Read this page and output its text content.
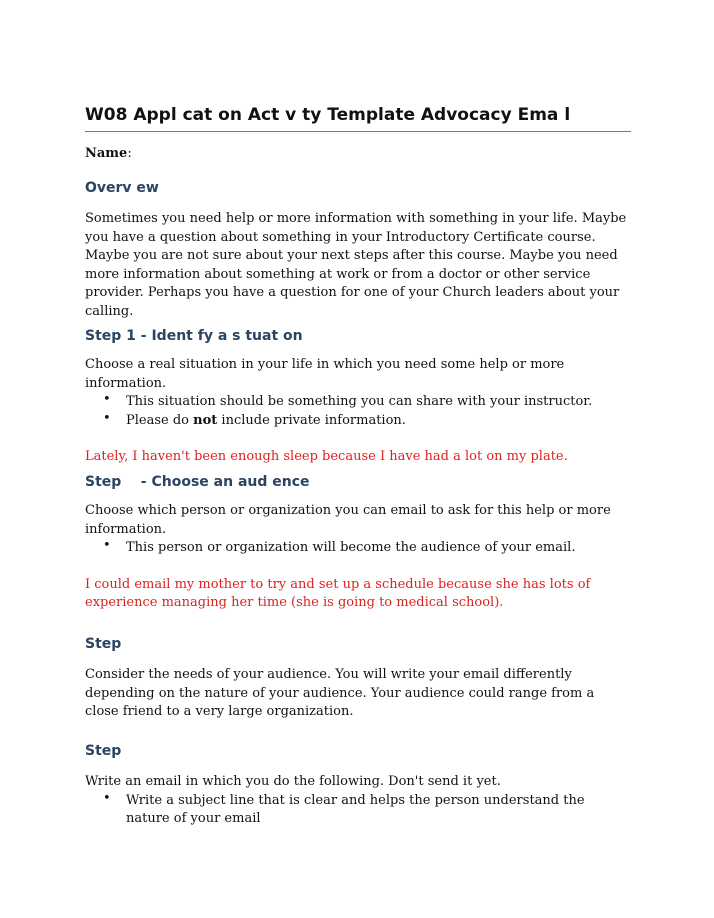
W08 Appl cat on Act v ty Template Advocacy Ema l

Name:

Overv ew

Sometimes you need help or more information with something in your life. Maybe you have a question about something in your Introductory Certificate course. Maybe you are not sure about your next steps after this course. Maybe you need more information about something at work or from a doctor or other service provider. Perhaps you have a question for one of your Church leaders about your calling.

Step 1 - Ident fy a s tuat on

Choose a real situation in your life in which you need some help or more information.

• This situation should be something you can share with your instructor.
• Please do not include private information.

Lately, I haven't been enough sleep because I have had a lot on my plate.

Step    - Choose an aud ence

Choose which person or organization you can email to ask for this help or more information.

• This person or organization will become the audience of your email.

I could email my mother to try and set up a schedule because she has lots of experience managing her time (she is going to medical school).

Step

Consider the needs of your audience. You will write your email differently depending on the nature of your audience. Your audience could range from a close friend to a very large organization.

Step

Write an email in which you do the following. Don't send it yet.

• Write a subject line that is clear and helps the person understand the nature of your email
